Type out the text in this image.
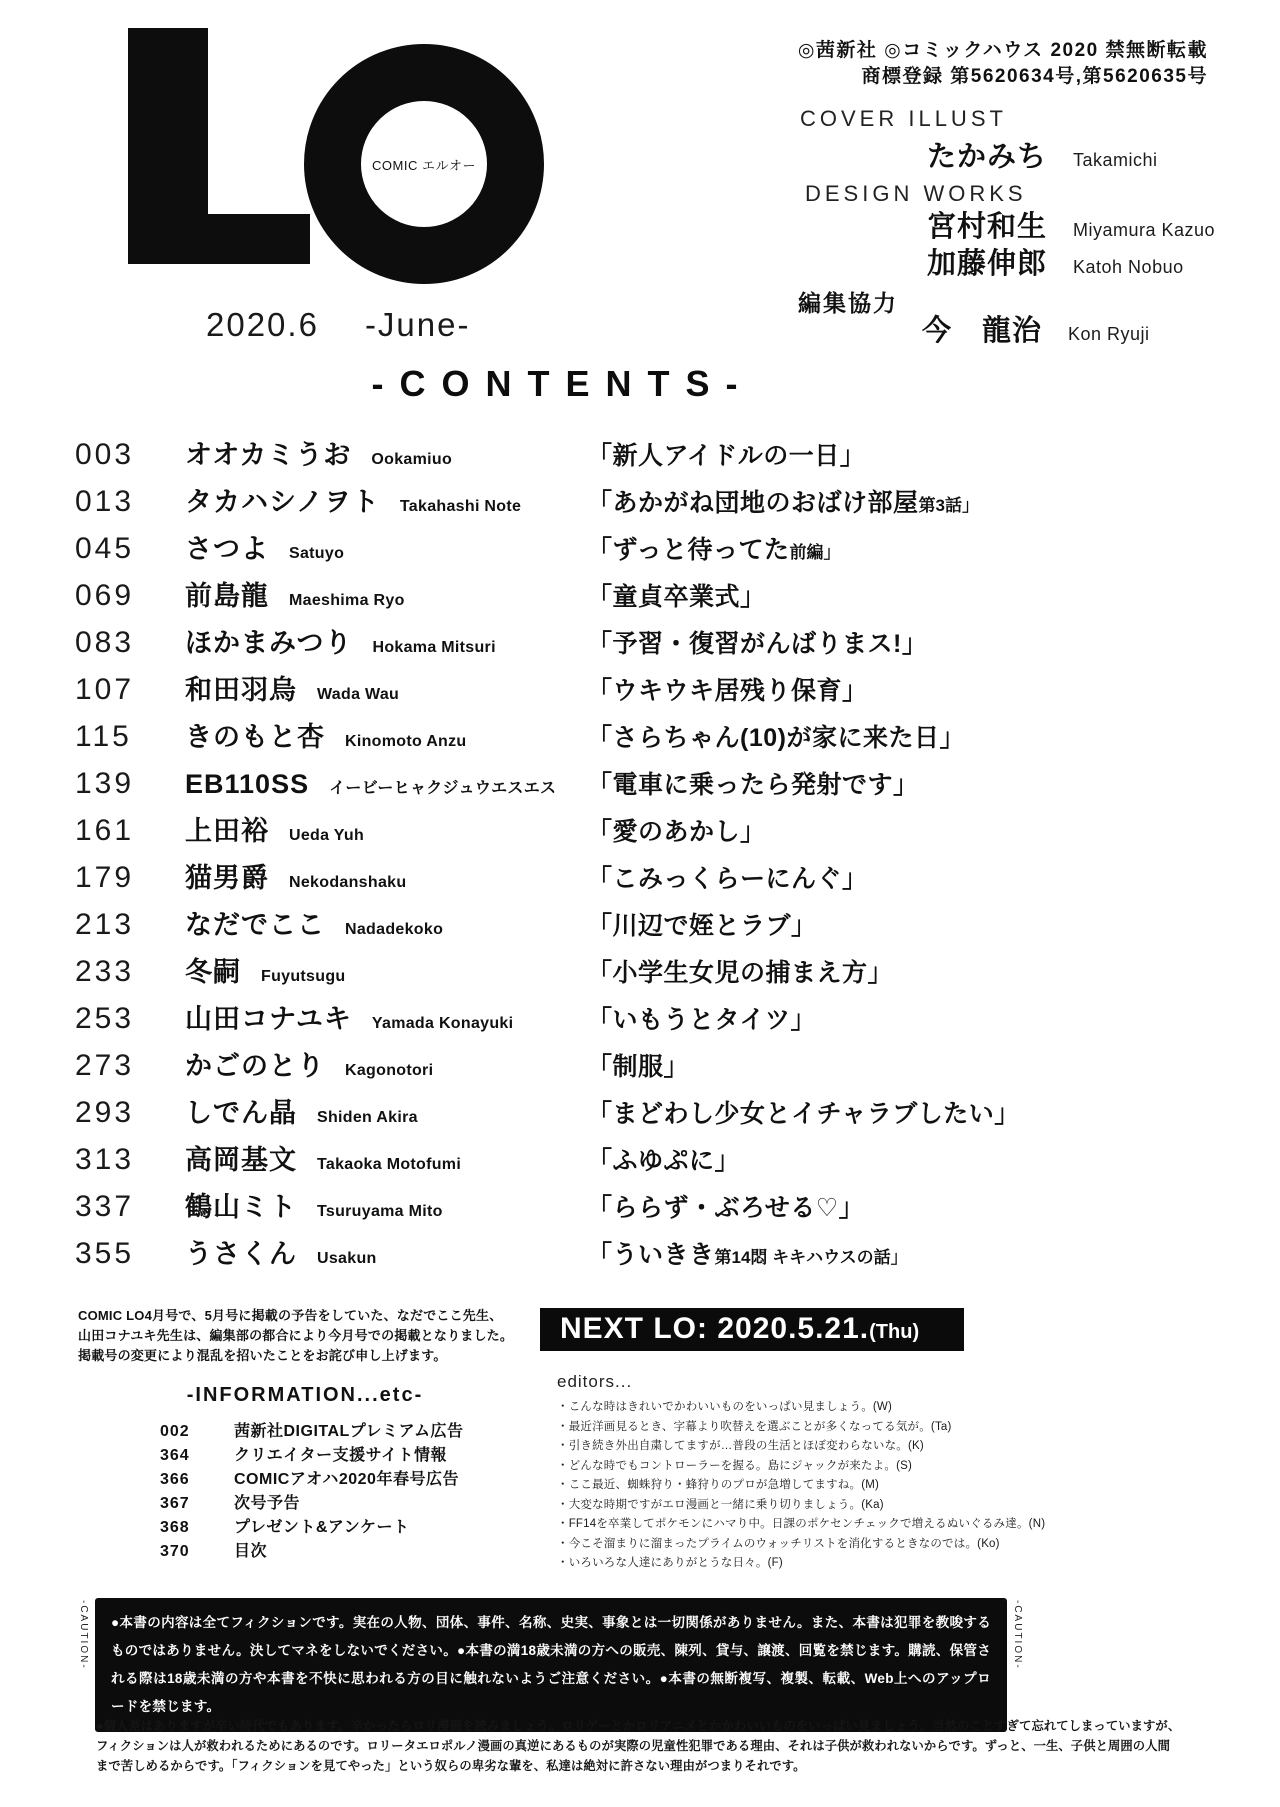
COMIC エルオー
2020.6 -June-
◎茜新社 ◎コミックハウス 2020 禁無断転載
商標登録 第5620634号,第5620635号
COVER ILLUST
たかみち Takamichi
DESIGN WORKS
宮村和生 Miyamura Kazuo
加藤伸郎 Katoh Nobuo
編集協力
今　龍治 Kon Ryuji
- C O N T E N T S -
003	オオカミうお Ookamiuo	「新人アイドルの一日」
013	タカハシノヲト Takahashi Note	「あかがね団地のおばけ部屋 第3話」
045	さつよ Satuyo	「ずっと待ってた 前編」
069	前島龍 Maeshima Ryo	「童貞卒業式」
083	ほかまみつり Hokama Mitsuri	「予習・復習がんばりまス!」
107	和田羽烏 Wada Wau	「ウキウキ居残り保育」
115	きのもと杏 Kinomoto Anzu	「さらちゃん(10)が家に来た日」
139	EB110SS イービーヒャクジュウエスエス 「電車に乗ったら発射です」
161	上田裕 Ueda Yuh	「愛のあかし」
179	猫男爵 Nekodanshaku	「こみっくらーにんぐ」
213	なだでここ Nadadekoko	「川辺で姪とラブ」
233	冬嗣 Fuyutsugu	「小学生女児の捕まえ方」
253	山田コナユキ Yamada Konayuki	「いもうとタイツ」
273	かごのとり Kagonotori	「制服」
293	しでん晶 Shiden Akira	「まどわし少女とイチャラブしたい」
313	高岡基文 Takaoka Motofumi	「ふゆぷに」
337	鶴山ミト Tsuruyama Mito	「ららず・ぶろせる♡」
355	うさくん Usakun	「ういきき 第14悶 キキハウスの話」
COMIC LO4月号で、5月号に掲載の予告をしていた、なだでここ先生、
山田コナユキ先生は、編集部の都合により今月号での掲載となりました。
掲載号の変更により混乱を招いたことをお詫び申し上げます。
NEXT LO: 2020.5.21.(Thu)
-INFORMATION...etc-
002	茜新社DIGITALプレミアム広告
364	クリエイター支援サイト情報
366	COMICアオハ2020年春号広告
367	次号予告
368	プレゼント&アンケート
370	目次
editors...
・こんな時はきれいでかわいいものをいっぱい見ましょう。(W)
・最近洋画見るとき、字幕より吹替えを選ぶことが多くなってる気が。(Ta)
・引き続き外出自粛してますが…普段の生活とほぼ変わらないな。(K)
・どんな時でもコントローラーを握る。島にジャックが来たよ。(S)
・ここ最近、蜘蛛狩り・蜂狩りのプロが急増してますね。(M)
・大変な時期ですがエロ漫画と一緒に乗り切りましょう。(Ka)
・FF14を卒業してポケモンにハマり中。日課のポケセンチェックで増えるぬいぐるみ達。(N)
・今こそ溜まりに溜まったプライムのウォッチリストを消化するときなのでは。(Ko)
・いろいろな人達にありがとうな日々。(F)
-CAUTION-	●本書の内容は全てフィクションです。実在の人物、団体、事件、名称、史実、事象とは一切関係がありません。また、本書は犯罪を教唆するものではありません。決してマネをしないでください。●本書の満18歳未満の方への販売、陳列、貸与、譲渡、回覧を禁じます。購読、保管される際は18歳未満の方や本書を不快に思われる方の目に触れないようご注意ください。●本書の無断複写、複製、転載、Web上へのアップロードを禁じます。
-CAUTION-
●個人差はありますが辛い時代でもあります。辛かったらロリ漫画を読みましょう。ロリゲーとかロリアニメとかかわいいものをいっぱい見ましょう。当然のことすぎて忘れてしまっていますが、
フィクションは人が救われるためにあるのです。ロリータエロポルノ漫画の真逆にあるものが実際の児童性犯罪である理由、それは子供が救われないからです。ずっと、一生、子供と周囲の人間
まで苦しめるからです。「フィクションを見てやった」という奴らの卑劣な輩を、私達は絶対に許さない理由がつまりそれです。
